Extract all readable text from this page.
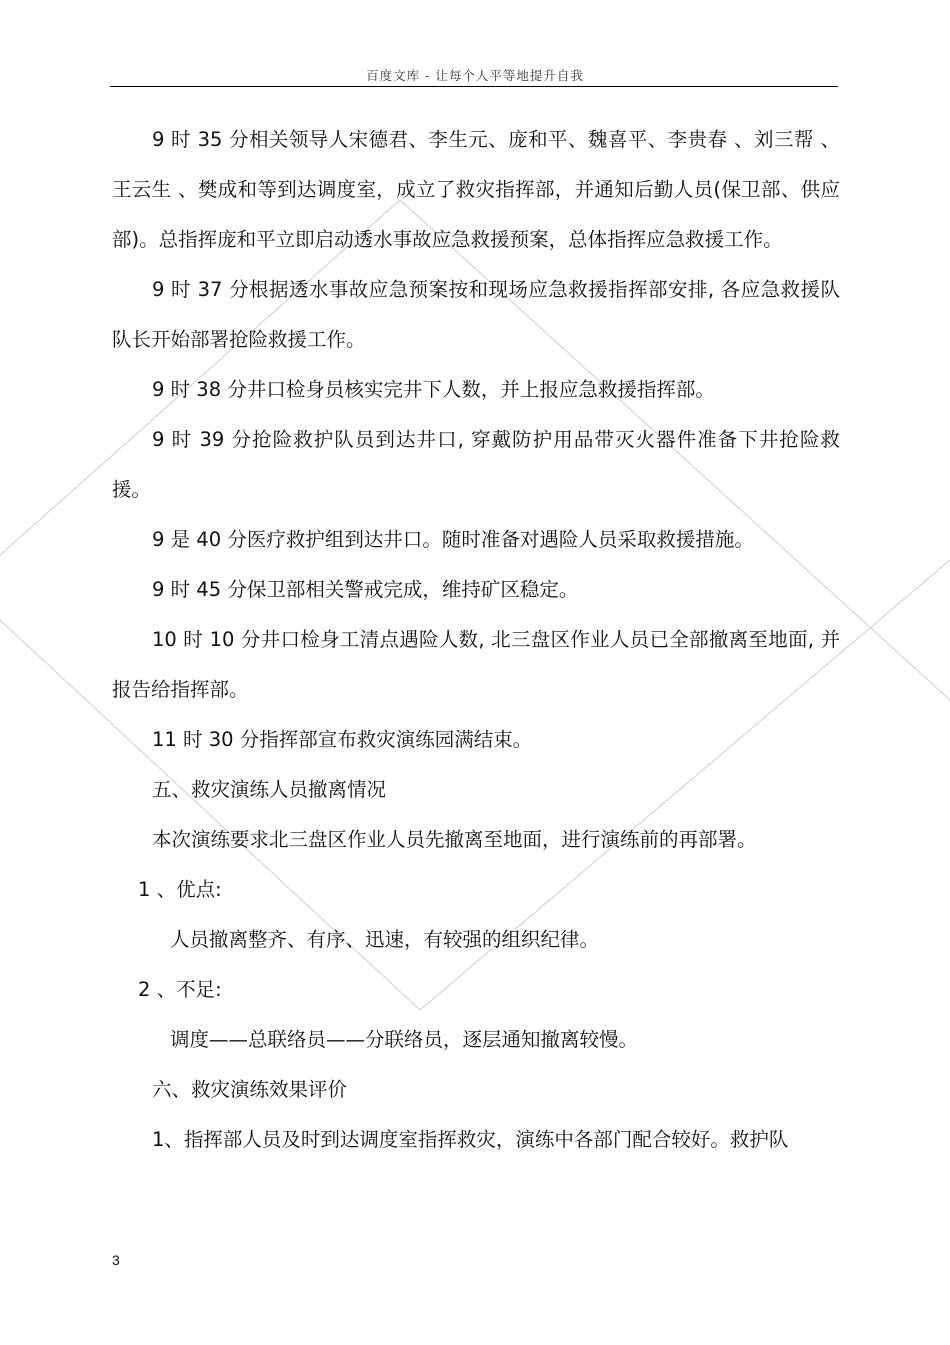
百度文库 - 让每个人平等地提升自我

9 时 35 分相关领导人宋德君、李生元、庞和平、魏喜平、李贵春 、刘三帮 、王云生 、樊成和等到达调度室，成立了救灾指挥部，并通知后勤人员(保卫部、供应部)。总指挥庞和平立即启动透水事故应急救援预案，总体指挥应急救援工作。

9 时 37 分根据透水事故应急预案按和现场应急救援指挥部安排, 各应急救援队队长开始部署抢险救援工作。

9 时 38 分井口检身员核实完井下人数，并上报应急救援指挥部。

9 时 39 分抢险救护队员到达井口, 穿戴防护用品带灭火器件准备下井抢险救援。

9 是 40 分医疗救护组到达井口。随时准备对遇险人员采取救援措施。

9 时 45 分保卫部相关警戒完成，维持矿区稳定。

10 时 10 分井口检身工清点遇险人数, 北三盘区作业人员已全部撤离至地面, 并报告给指挥部。

11 时 30 分指挥部宣布救灾演练园满结束。

五、救灾演练人员撤离情况

本次演练要求北三盘区作业人员先撤离至地面，进行演练前的再部署。

1 、优点:

人员撤离整齐、有序、迅速，有较强的组织纪律。

2 、不足:

调度——总联络员——分联络员，逐层通知撤离较慢。

六、救灾演练效果评价

1、指挥部人员及时到达调度室指挥救灾，演练中各部门配合较好。救护队

3
